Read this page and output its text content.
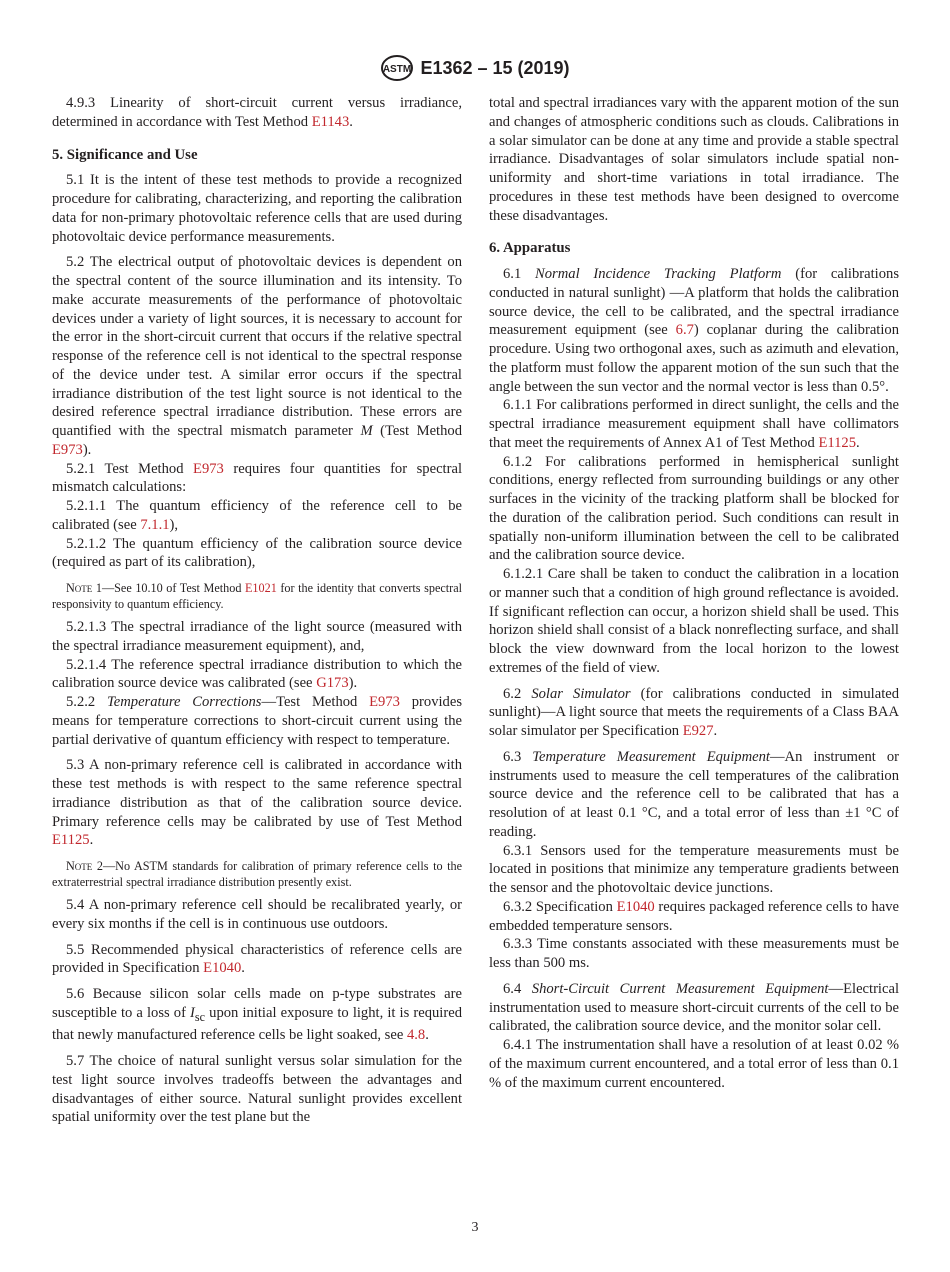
ASTM E1362 – 15 (2019)

4.9.3 Linearity of short-circuit current versus irradiance, determined in accordance with Test Method E1143.

5. Significance and Use

5.1 It is the intent of these test methods to provide a recognized procedure for calibrating, characterizing, and reporting the calibration data for non-primary photovoltaic reference cells that are used during photovoltaic device performance measurements.

5.2 The electrical output of photovoltaic devices is dependent on the spectral content of the source illumination and its intensity. To make accurate measurements of the performance of photovoltaic devices under a variety of light sources, it is necessary to account for the error in the short-circuit current that occurs if the relative spectral response of the reference cell is not identical to the spectral response of the device under test. A similar error occurs if the spectral irradiance distribution of the test light source is not identical to the desired reference spectral irradiance distribution. These errors are quantified with the spectral mismatch parameter M (Test Method E973).

5.2.1 Test Method E973 requires four quantities for spectral mismatch calculations:

5.2.1.1 The quantum efficiency of the reference cell to be calibrated (see 7.1.1),

5.2.1.2 The quantum efficiency of the calibration source device (required as part of its calibration),

Note 1—See 10.10 of Test Method E1021 for the identity that converts spectral responsivity to quantum efficiency.

5.2.1.3 The spectral irradiance of the light source (measured with the spectral irradiance measurement equipment), and,

5.2.1.4 The reference spectral irradiance distribution to which the calibration source device was calibrated (see G173).

5.2.2 Temperature Corrections—Test Method E973 provides means for temperature corrections to short-circuit current using the partial derivative of quantum efficiency with respect to temperature.

5.3 A non-primary reference cell is calibrated in accordance with these test methods is with respect to the same reference spectral irradiance distribution as that of the calibration source device. Primary reference cells may be calibrated by use of Test Method E1125.

Note 2—No ASTM standards for calibration of primary reference cells to the extraterrestrial spectral irradiance distribution presently exist.

5.4 A non-primary reference cell should be recalibrated yearly, or every six months if the cell is in continuous use outdoors.

5.5 Recommended physical characteristics of reference cells are provided in Specification E1040.

5.6 Because silicon solar cells made on p-type substrates are susceptible to a loss of $I_{sc}$ upon initial exposure to light, it is required that newly manufactured reference cells be light soaked, see 4.8.

5.7 The choice of natural sunlight versus solar simulation for the test light source involves tradeoffs between the advantages and disadvantages of either source. Natural sunlight provides excellent spatial uniformity over the test plane but the

total and spectral irradiances vary with the apparent motion of the sun and changes of atmospheric conditions such as clouds. Calibrations in a solar simulator can be done at any time and provide a stable spectral irradiance. Disadvantages of solar simulators include spatial non-uniformity and short-time variations in total irradiance. The procedures in these test methods have been designed to overcome these disadvantages.

6. Apparatus

6.1 Normal Incidence Tracking Platform (for calibrations conducted in natural sunlight) —A platform that holds the calibration source device, the cell to be calibrated, and the spectral irradiance measurement equipment (see 6.7) coplanar during the calibration procedure. Using two orthogonal axes, such as azimuth and elevation, the platform must follow the apparent motion of the sun such that the angle between the sun vector and the normal vector is less than 0.5°.

6.1.1 For calibrations performed in direct sunlight, the cells and the spectral irradiance measurement equipment shall have collimators that meet the requirements of Annex A1 of Test Method E1125.

6.1.2 For calibrations performed in hemispherical sunlight conditions, energy reflected from surrounding buildings or any other surfaces in the vicinity of the tracking platform shall be blocked for the duration of the calibration period. Such conditions can result in spatially non-uniform illumination between the cell to be calibrated and the calibration source device.

6.1.2.1 Care shall be taken to conduct the calibration in a location or manner such that a condition of high ground reflectance is avoided. If significant reflection can occur, a horizon shield shall be used. This horizon shield shall consist of a black nonreflecting surface, and shall block the view downward from the local horizon to the lowest extremes of the field of view.

6.2 Solar Simulator (for calibrations conducted in simulated sunlight)—A light source that meets the requirements of a Class BAA solar simulator per Specification E927.

6.3 Temperature Measurement Equipment—An instrument or instruments used to measure the cell temperatures of the calibration source device and the reference cell to be calibrated that has a resolution of at least 0.1 °C, and a total error of less than ±1 °C of reading.

6.3.1 Sensors used for the temperature measurements must be located in positions that minimize any temperature gradients between the sensor and the photovoltaic device junctions.

6.3.2 Specification E1040 requires packaged reference cells to have embedded temperature sensors.

6.3.3 Time constants associated with these measurements must be less than 500 ms.

6.4 Short-Circuit Current Measurement Equipment—Electrical instrumentation used to measure short-circuit currents of the cell to be calibrated, the calibration source device, and the monitor solar cell.

6.4.1 The instrumentation shall have a resolution of at least 0.02 % of the maximum current encountered, and a total error of less than 0.1 % of the maximum current encountered.

3
